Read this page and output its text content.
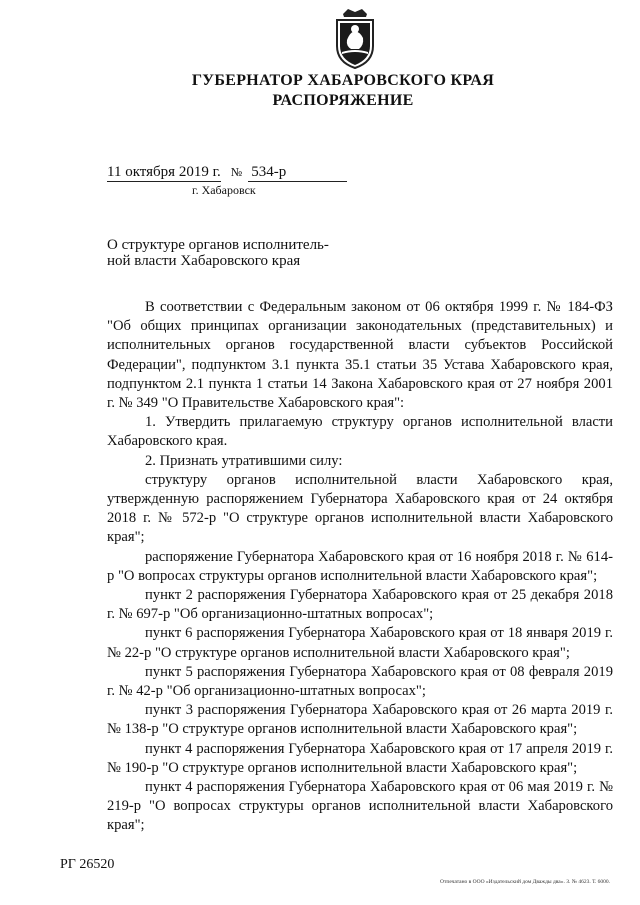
ГУБЕРНАТОР ХАБАРОВСКОГО КРАЯ
РАСПОРЯЖЕНИЕ
11 октября 2019 г. № 534-р
г. Хабаровск
О структуре органов исполнитель-ной власти Хабаровского края

В соответствии с Федеральным законом от 06 октября 1999 г. № 184-ФЗ "Об общих принципах организации законодательных (представительных) и исполнительных органов государственной власти субъектов Российской Федерации", подпунктом 3.1 пункта 35.1 статьи 35 Устава Хабаровского края, подпунктом 2.1 пункта 1 статьи 14 Закона Хабаровского края от 27 ноября 2001 г. № 349 "О Правительстве Хабаровского края":

1. Утвердить прилагаемую структуру органов исполнительной власти Хабаровского края.

2. Признать утратившими силу:

структуру органов исполнительной власти Хабаровского края, утвержденную распоряжением Губернатора Хабаровского края от 24 октября 2018 г. № 572-р "О структуре органов исполнительной власти Хабаровского края";

распоряжение Губернатора Хабаровского края от 16 ноября 2018 г. № 614-р "О вопросах структуры органов исполнительной власти Хабаровского края";

пункт 2 распоряжения Губернатора Хабаровского края от 25 декабря 2018 г. № 697-р "Об организационно-штатных вопросах";

пункт 6 распоряжения Губернатора Хабаровского края от 18 января 2019 г. № 22-р "О структуре органов исполнительной власти Хабаровского края";

пункт 5 распоряжения Губернатора Хабаровского края от 08 февраля 2019 г. № 42-р "Об организационно-штатных вопросах";

пункт 3 распоряжения Губернатора Хабаровского края от 26 марта 2019 г. № 138-р "О структуре органов исполнительной власти Хабаровского края";

пункт 4 распоряжения Губернатора Хабаровского края от 17 апреля 2019 г. № 190-р "О структуре органов исполнительной власти Хабаровского края";

пункт 4 распоряжения Губернатора Хабаровского края от 06 мая 2019 г. № 219-р "О вопросах структуры органов исполнительной власти Хабаровского края";

РГ 26520
Отпечатано в ООО «Издательский дом Дважды два». З. № 4623. Т. 6000.
